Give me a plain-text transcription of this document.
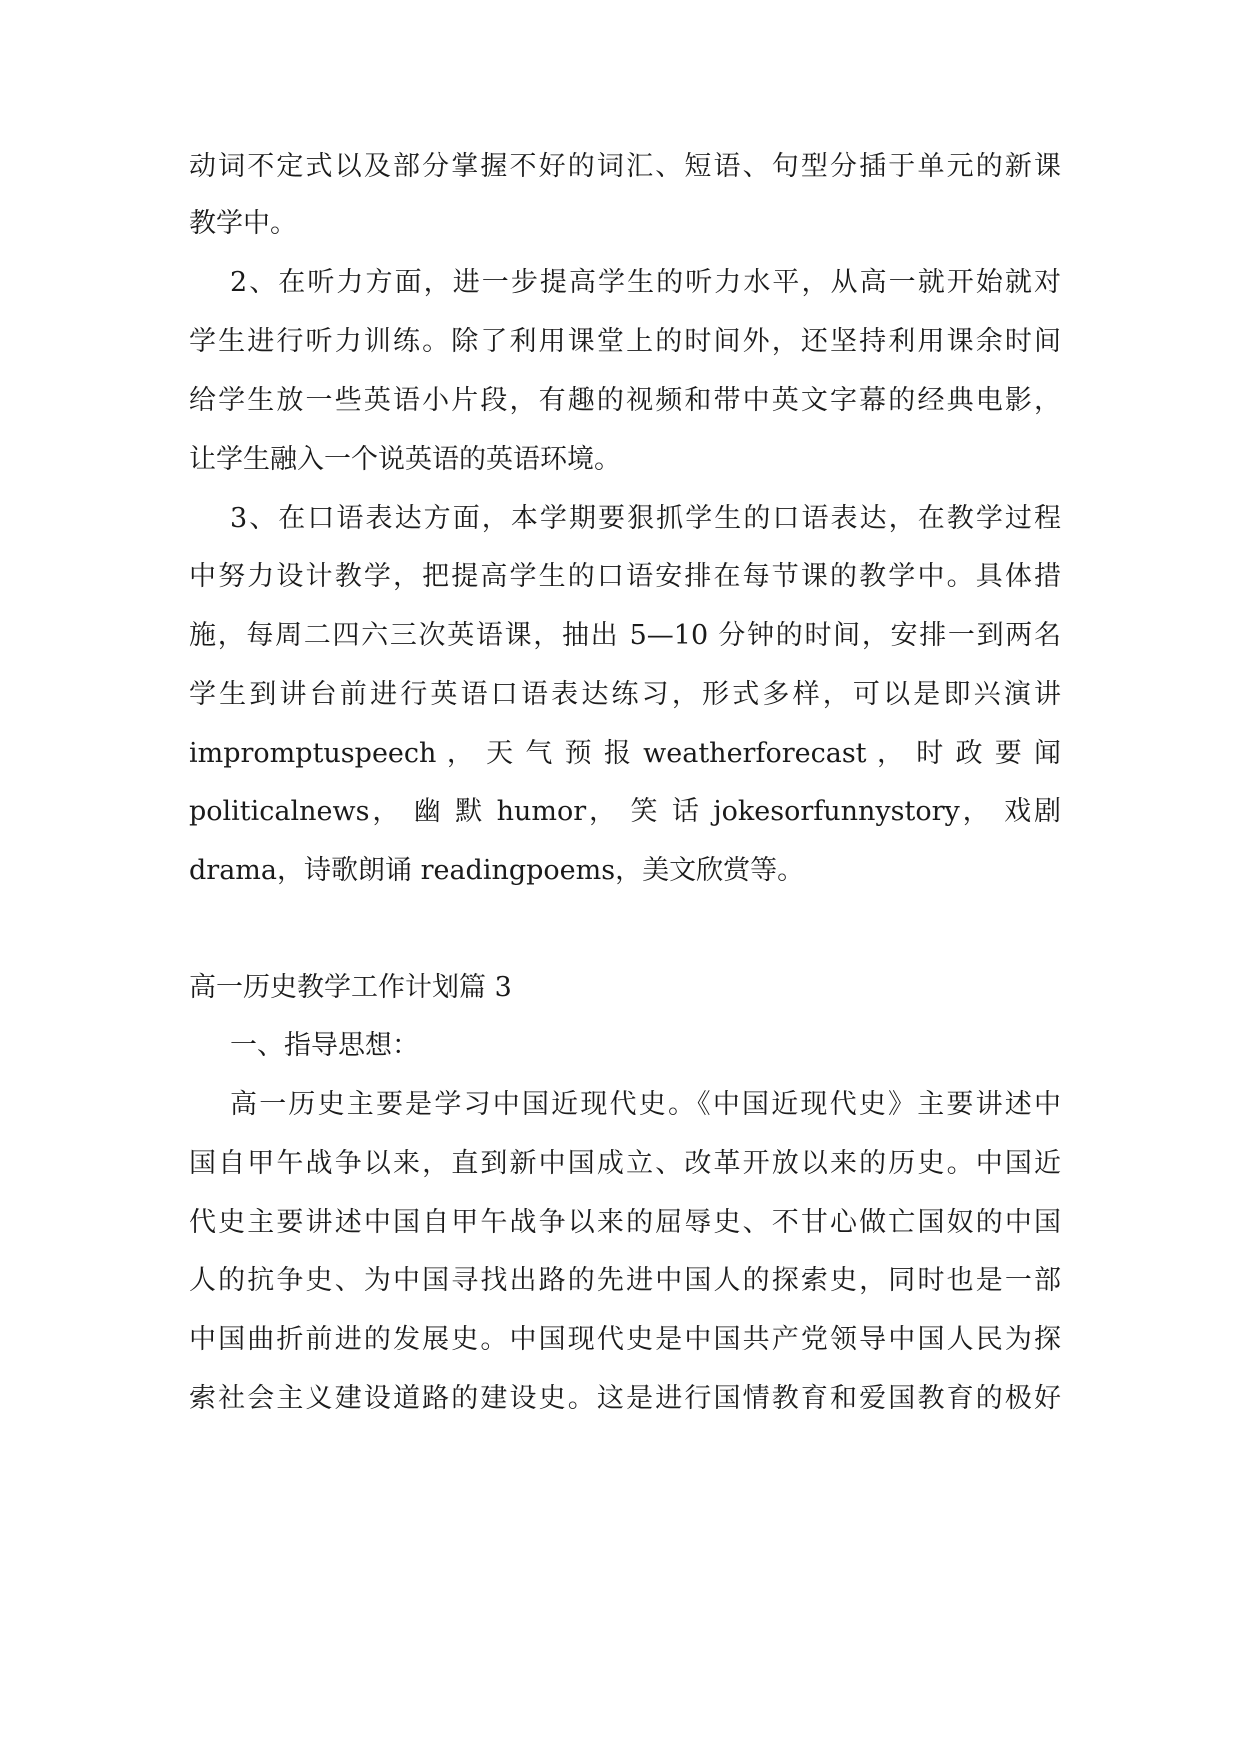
动词不定式以及部分掌握不好的词汇、短语、句型分插于单元的新课
教学中。
2、在听力方面，进一步提高学生的听力水平，从高一就开始就对
学生进行听力训练。除了利用课堂上的时间外，还坚持利用课余时间
给学生放一些英语小片段，有趣的视频和带中英文字幕的经典电影，
让学生融入一个说英语的英语环境。
3、在口语表达方面，本学期要狠抓学生的口语表达，在教学过程
中努力设计教学，把提高学生的口语安排在每节课的教学中。具体措
施，每周二四六三次英语课，抽出 5—10 分钟的时间，安排一到两名
学生到讲台前进行英语口语表达练习，形式多样，可以是即兴演讲
impromptuspeech ， 天 气 预 报 weatherforecast ， 时 政 要 闻
politicalnews， 幽 默 humor， 笑 话 jokesorfunnystory， 戏剧
drama，诗歌朗诵 readingpoems，美文欣赏等。
高一历史教学工作计划篇 3
一、指导思想：
高一历史主要是学习中国近现代史。《中国近现代史》主要讲述中
国自甲午战争以来，直到新中国成立、改革开放以来的历史。中国近
代史主要讲述中国自甲午战争以来的屈辱史、不甘心做亡国奴的中国
人的抗争史、为中国寻找出路的先进中国人的探索史，同时也是一部
中国曲折前进的发展史。中国现代史是中国共产党领导中国人民为探
索社会主义建设道路的建设史。这是进行国情教育和爱国教育的极好
